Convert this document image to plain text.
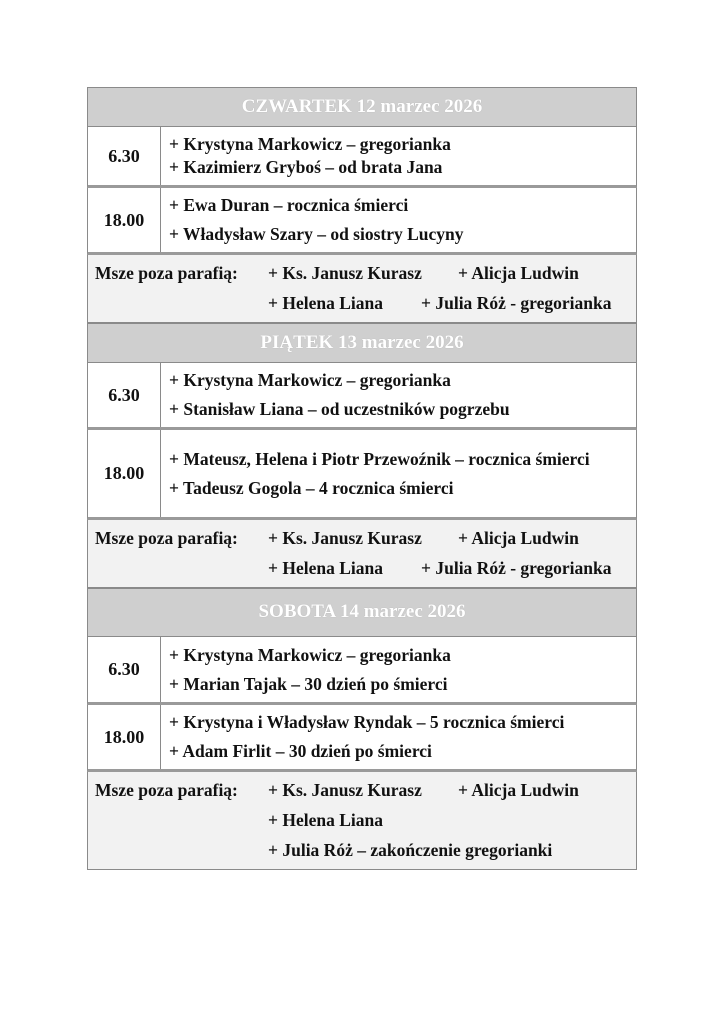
CZWARTEK 12 marzec 2026
6.30
+ Krystyna Markowicz – gregorianka
+ Kazimierz Gryboś – od brata Jana
18.00
+ Ewa Duran – rocznica śmierci
+ Władysław Szary – od siostry Lucyny
Msze poza parafią: + Ks. Janusz Kurasz + Alicja Ludwin
+ Helena Liana + Julia Róż - gregorianka
PIĄTEK 13 marzec 2026
6.30
+ Krystyna Markowicz – gregorianka
+ Stanisław Liana – od uczestników pogrzebu
18.00
+ Mateusz, Helena i Piotr Przewoźnik – rocznica śmierci
+ Tadeusz Gogola – 4 rocznica śmierci
Msze poza parafią: + Ks. Janusz Kurasz + Alicja Ludwin
+ Helena Liana + Julia Róż - gregorianka
SOBOTA 14 marzec 2026
6.30
+ Krystyna Markowicz – gregorianka
+ Marian Tajak – 30 dzień po śmierci
18.00
+ Krystyna i Władysław Ryndak – 5 rocznica śmierci
+ Adam Firlit – 30 dzień po śmierci
Msze poza parafią: + Ks. Janusz Kurasz + Alicja Ludwin
+ Helena Liana
+ Julia Róż – zakończenie gregorianki
